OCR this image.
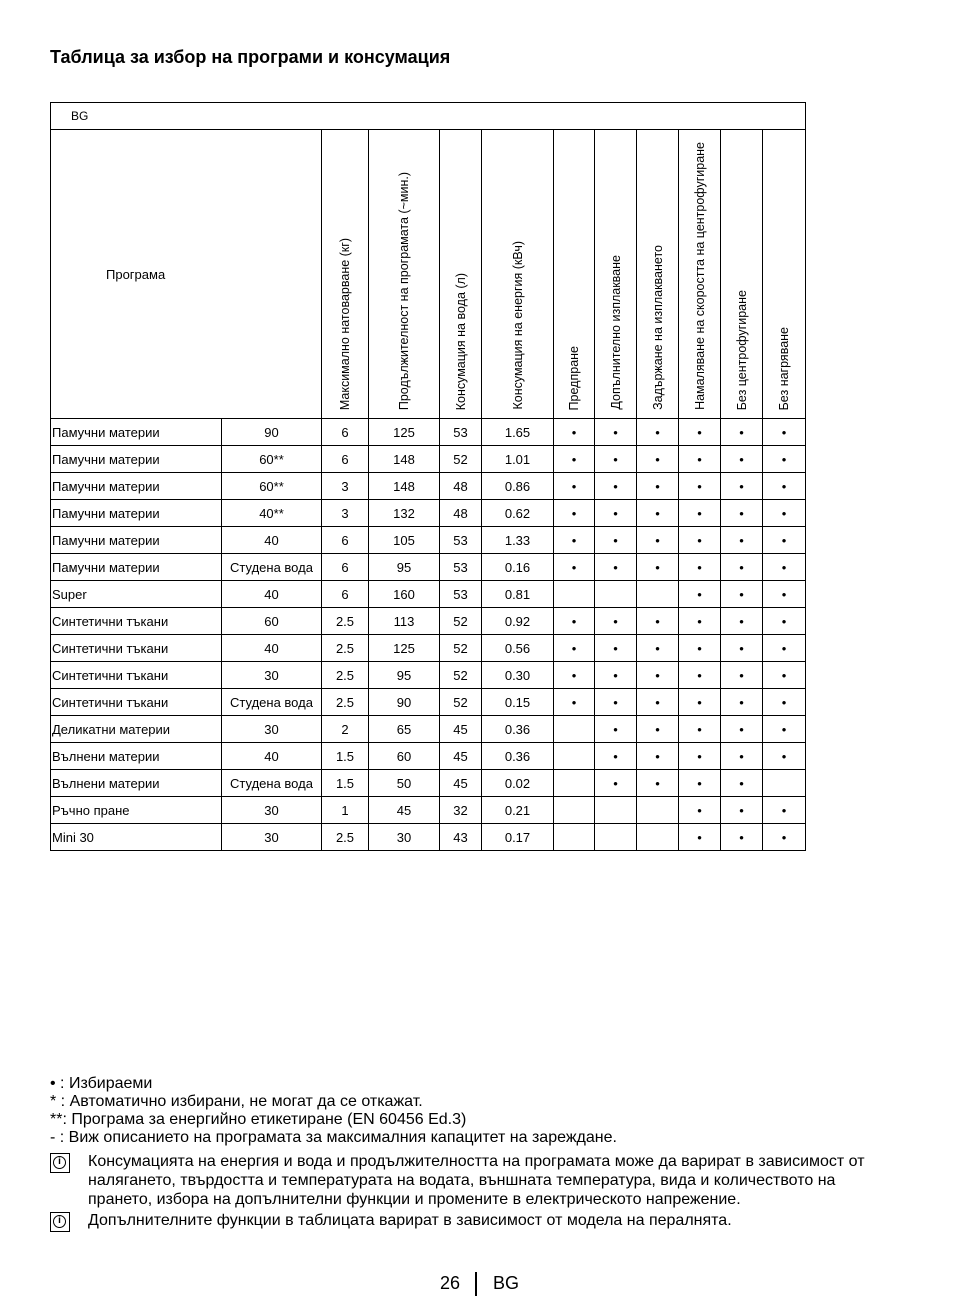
Таблица за избор на програми и консумация
BG											
Програма		Максимално натоварване (кг)	Продължителност на програмата (~мин.)	Консумация на вода (л)	Консумация на енергия (кВч)	Предпране	Допълнително изплакване	Задържане на изплакването	Намаляване на скоростта на центрофугиране	Без центрофугиране	Без нагряване

Памучни материи	90	6	125	53	1.65	•	•	•	•	•	•
Памучни материи	60**	6	148	52	1.01	•	•	•	•	•	•
Памучни материи	60**	3	148	48	0.86	•	•	•	•	•	•
Памучни материи	40**	3	132	48	0.62	•	•	•	•	•	•
Памучни материи	40	6	105	53	1.33	•	•	•	•	•	•
Памучни материи	Студена вода	6	95	53	0.16	•	•	•	•	•	•
Super	40	6	160	53	0.81				•	•	•
Синтетични тъкани	60	2.5	113	52	0.92	•	•	•	•	•	•
Синтетични тъкани	40	2.5	125	52	0.56	•	•	•	•	•	•
Синтетични тъкани	30	2.5	95	52	0.30	•	•	•	•	•	•
Синтетични тъкани	Студена вода	2.5	90	52	0.15	•	•	•	•	•	•
Деликатни материи	30	2	65	45	0.36		•	•	•	•	•
Вълнени материи	40	1.5	60	45	0.36		•	•	•	•	•
Вълнени материи	Студена вода	1.5	50	45	0.02		•	•	•	•	
Ръчно пране	30	1	45	32	0.21				•	•	•
Mini 30	30	2.5	30	43	0.17				•	•	•
• : Избираеми
* : Автоматично избирани, не могат да се откажат.
**: Програма за енергийно етикетиране (EN 60456 Ed.3)
- : Виж описанието на програмата за максималния капацитет на зареждане.
i	Консумацията на енергия и вода и продължителността на програмата може да варират в зависимост от налягането, твърдостта и температурата на водата, външната температура, вида и количеството на прането, избора на допълнителни функции и промените в електрическото напрежение.
i	Допълнителните функции в таблицата варират в зависимост от модела на пералнята.
26 BG
